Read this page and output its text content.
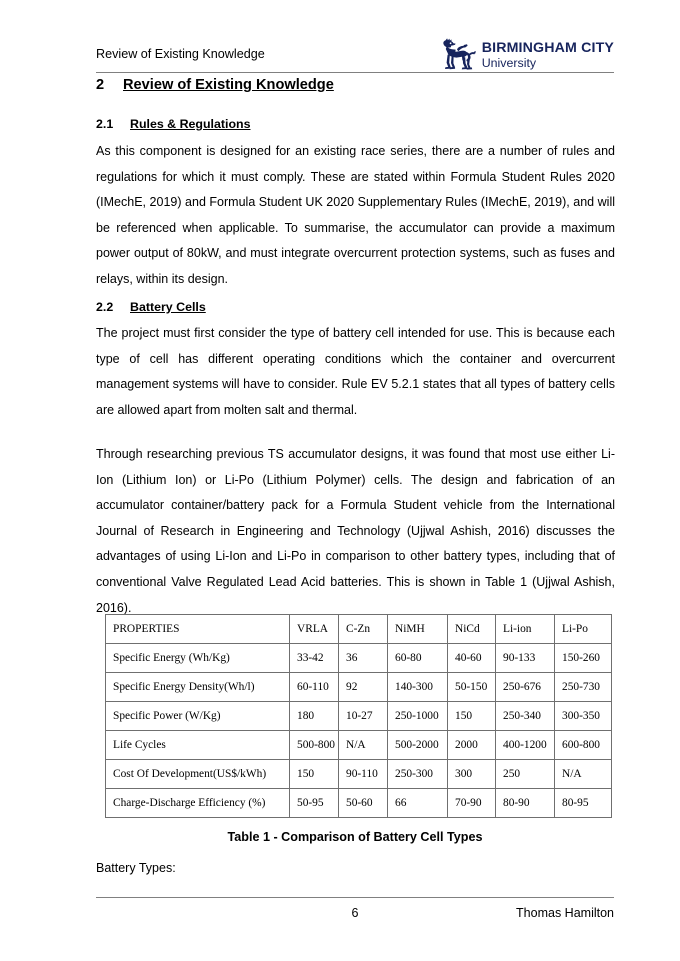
Review of Existing Knowledge	BIRMINGHAM CITY
University
2 Review of Existing Knowledge
2.1 Rules & Regulations
As this component is designed for an existing race series, there are a number of rules and regulations for which it must comply. These are stated within Formula Student Rules 2020 (IMechE, 2019) and Formula Student UK 2020 Supplementary Rules (IMechE, 2019), and will be referenced when applicable. To summarise, the accumulator can provide a maximum power output of 80kW, and must integrate overcurrent protection systems, such as fuses and relays, within its design.
2.2 Battery Cells
The project must first consider the type of battery cell intended for use. This is because each type of cell has different operating conditions which the container and overcurrent management systems will have to consider. Rule EV 5.2.1 states that all types of battery cells are allowed apart from molten salt and thermal.
Through researching previous TS accumulator designs, it was found that most use either Li-Ion (Lithium Ion) or Li-Po (Lithium Polymer) cells. The design and fabrication of an accumulator container/battery pack for a Formula Student vehicle from the International Journal of Research in Engineering and Technology (Ujjwal Ashish, 2016) discusses the advantages of using Li-Ion and Li-Po in comparison to other battery types, including that of conventional Valve Regulated Lead Acid batteries. This is shown in Table 1 (Ujjwal Ashish, 2016).
PROPERTIES	VRLA	C-Zn	NiMH	NiCd	Li-ion	Li-Po
Specific Energy (Wh/Kg)	33-42	36	60-80	40-60	90-133	150-260
Specific Energy Density(Wh/l)	60-110	92	140-300	50-150	250-676	250-730
Specific Power (W/Kg)	180	10-27	250-1000	150	250-340	300-350
Life Cycles	500-800	N/A	500-2000	2000	400-1200	600-800
Cost Of Development(US$/kWh)	150	90-110	250-300	300	250	N/A
Charge-Discharge Efficiency (%)	50-95	50-60	66	70-90	80-90	80-95
Table 1 - Comparison of Battery Cell Types
Battery Types:
6	Thomas Hamilton
